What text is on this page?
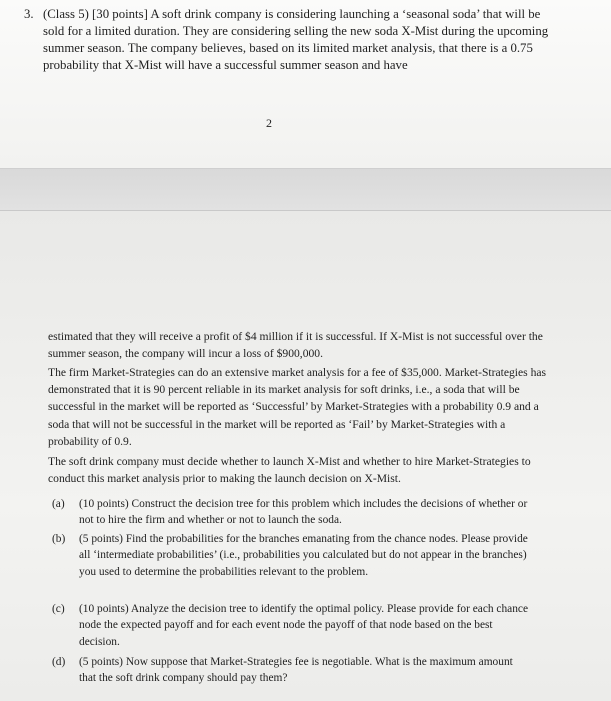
3. (Class 5) [30 points] A soft drink company is considering launching a ‘seasonal soda’ that will be sold for a limited duration. They are considering selling the new soda X-Mist during the upcoming summer season. The company believes, based on its limited market analysis, that there is a 0.75 probability that X-Mist will have a successful summer season and have
2
estimated that they will receive a profit of $4 million if it is successful. If X-Mist is not successful over the summer season, the company will incur a loss of $900,000.
The firm Market-Strategies can do an extensive market analysis for a fee of $35,000. Market-Strategies has demonstrated that it is 90 percent reliable in its market analysis for soft drinks, i.e., a soda that will be successful in the market will be reported as ‘Successful’ by Market-Strategies with a probability 0.9 and a soda that will not be successful in the market will be reported as ‘Fail’ by Market-Strategies with a probability of 0.9.
The soft drink company must decide whether to launch X-Mist and whether to hire Market-Strategies to conduct this market analysis prior to making the launch decision on X-Mist.
(a)	(10 points) Construct the decision tree for this problem which includes the decisions of whether or not to hire the firm and whether or not to launch the soda.
(b)	(5 points) Find the probabilities for the branches emanating from the chance nodes. Please provide all ‘intermediate probabilities’ (i.e., probabilities you calculated but do not appear in the branches) you used to determine the probabilities relevant to the problem.
(c)	(10 points) Analyze the decision tree to identify the optimal policy. Please provide for each chance node the expected payoff and for each event node the payoff of that node based on the best decision.
(d)	(5 points) Now suppose that Market-Strategies fee is negotiable. What is the maximum amount that the soft drink company should pay them?
